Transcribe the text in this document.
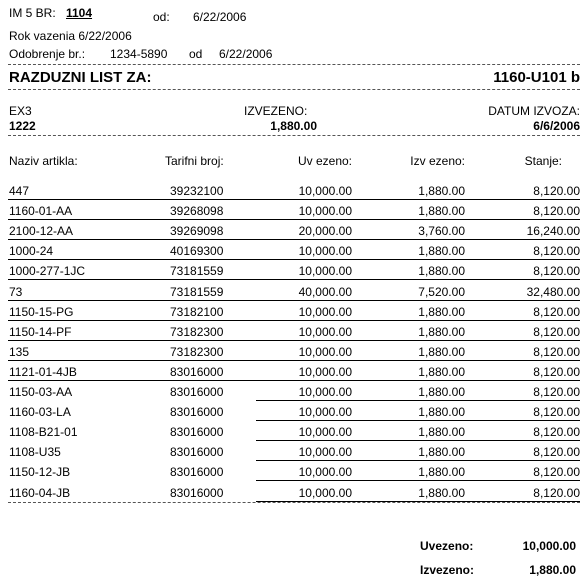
IM 5 BR: 1104	od: 6/22/2006
Rok vazenia 6/22/2006
Odobrenje br.: 1234-5890 od 6/22/2006
RAZDUZNI LIST ZA:	1160-U101 b
EX3
1222
IZVEZENO:
1,880.00
DATUM IZVOZA:
6/6/2006
Naziv artikla:	Tarifni broj:	Uv ezeno:	Izv ezeno:	Stanje:
447	39232100	10,000.00	1,880.00	8,120.00
1160-01-AA	39268098	10,000.00	1,880.00	8,120.00
2100-12-AA	39269098	20,000.00	3,760.00	16,240.00
1000-24	40169300	10,000.00	1,880.00	8,120.00
1000-277-1JC	73181559	10,000.00	1,880.00	8,120.00
73	73181559	40,000.00	7,520.00	32,480.00
1150-15-PG	73182100	10,000.00	1,880.00	8,120.00
1150-14-PF	73182300	10,000.00	1,880.00	8,120.00
135	73182300	10,000.00	1,880.00	8,120.00
1121-01-4JB	83016000	10,000.00	1,880.00	8,120.00
1150-03-AA	83016000	10,000.00	1,880.00	8,120.00
1160-03-LA	83016000	10,000.00	1,880.00	8,120.00
1108-B21-01	83016000	10,000.00	1,880.00	8,120.00
1108-U35	83016000	10,000.00	1,880.00	8,120.00
1150-12-JB	83016000	10,000.00	1,880.00	8,120.00
1160-04-JB	83016000	10,000.00	1,880.00	8,120.00
Uvezeno:	10,000.00
Izvezeno:	1,880.00
